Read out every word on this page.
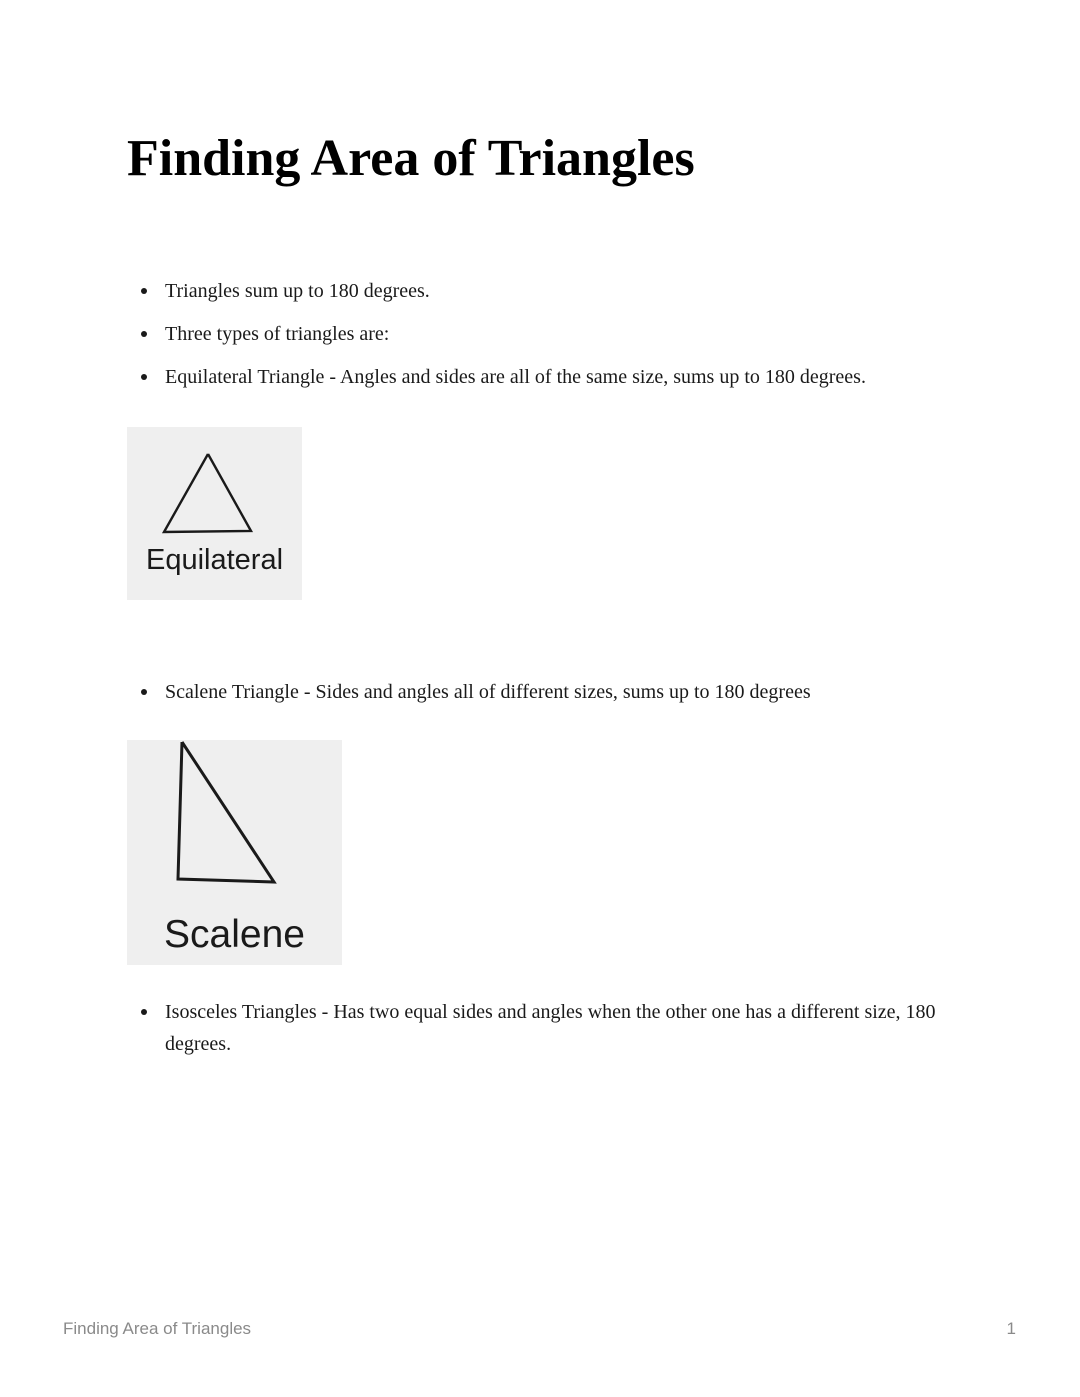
Finding Area of Triangles
Triangles sum up to 180 degrees.
Three types of triangles are:
Equilateral Triangle - Angles and sides are all of the same size, sums up to 180 degrees.
Equilateral
Scalene Triangle - Sides and angles all of different sizes, sums up to 180 degrees
Scalene
Isosceles Triangles - Has two equal sides and angles when the other one has a different size, 180 degrees.
Finding Area of Triangles	1
